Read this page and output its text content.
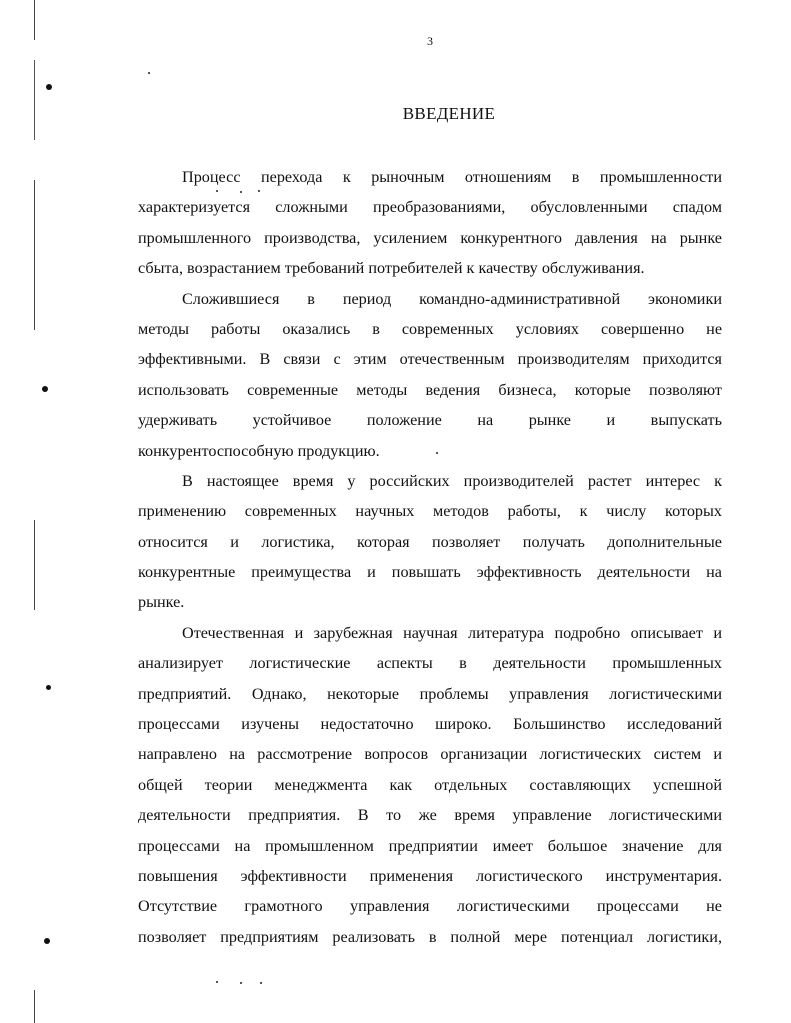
3
ВВЕДЕНИЕ
Процесс перехода к рыночным отношениям в промышленности
характеризуется сложными преобразованиями, обусловленными спадом
промышленного производства, усилением конкурентного давления на рынке
сбыта, возрастанием требований потребителей к качеству обслуживания.
Сложившиеся в период командно-административной экономики
методы работы оказались в современных условиях совершенно не
эффективными. В связи с этим отечественным производителям приходится
использовать современные методы ведения бизнеса, которые позволяют
удерживать устойчивое положение на рынке и выпускать
конкурентоспособную продукцию.
В настоящее время у российских производителей растет интерес к
применению современных научных методов работы, к числу которых
относится и логистика, которая позволяет получать дополнительные
конкурентные преимущества и повышать эффективность деятельности на
рынке.
Отечественная и зарубежная научная литература подробно описывает и
анализирует логистические аспекты в деятельности промышленных
предприятий. Однако, некоторые проблемы управления логистическими
процессами изучены недостаточно широко. Большинство исследований
направлено на рассмотрение вопросов организации логистических систем и
общей теории менеджмента как отдельных составляющих успешной
деятельности предприятия. В то же время управление логистическими
процессами на промышленном предприятии имеет большое значение для
повышения эффективности применения логистического инструментария.
Отсутствие грамотного управления логистическими процессами не
позволяет предприятиям реализовать в полной мере потенциал логистики,
